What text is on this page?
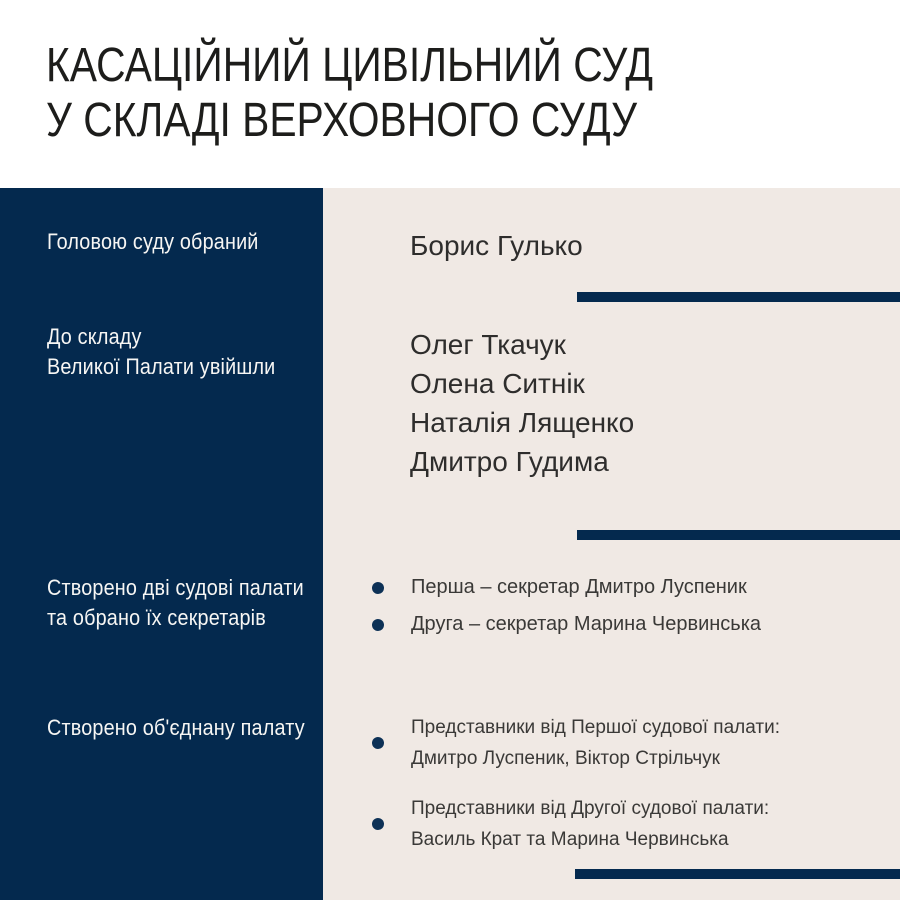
КАСАЦІЙНИЙ ЦИВІЛЬНИЙ СУД
У СКЛАДІ ВЕРХОВНОГО СУДУ
Головою суду обраний
До складу
Великої Палати увійшли
Створено дві судові палати
та обрано їх секретарів
Створено об'єднану палату
Борис Гулько
Олег Ткачук
Олена Ситнік
Наталія Лященко
Дмитро Гудима
Перша – секретар Дмитро Луспеник
Друга – секретар Марина Червинська
Представники від Першої судової палати:
Дмитро Луспеник, Віктор Стрільчук
Представники від Другої судової палати:
Василь Крат та Марина Червинська
